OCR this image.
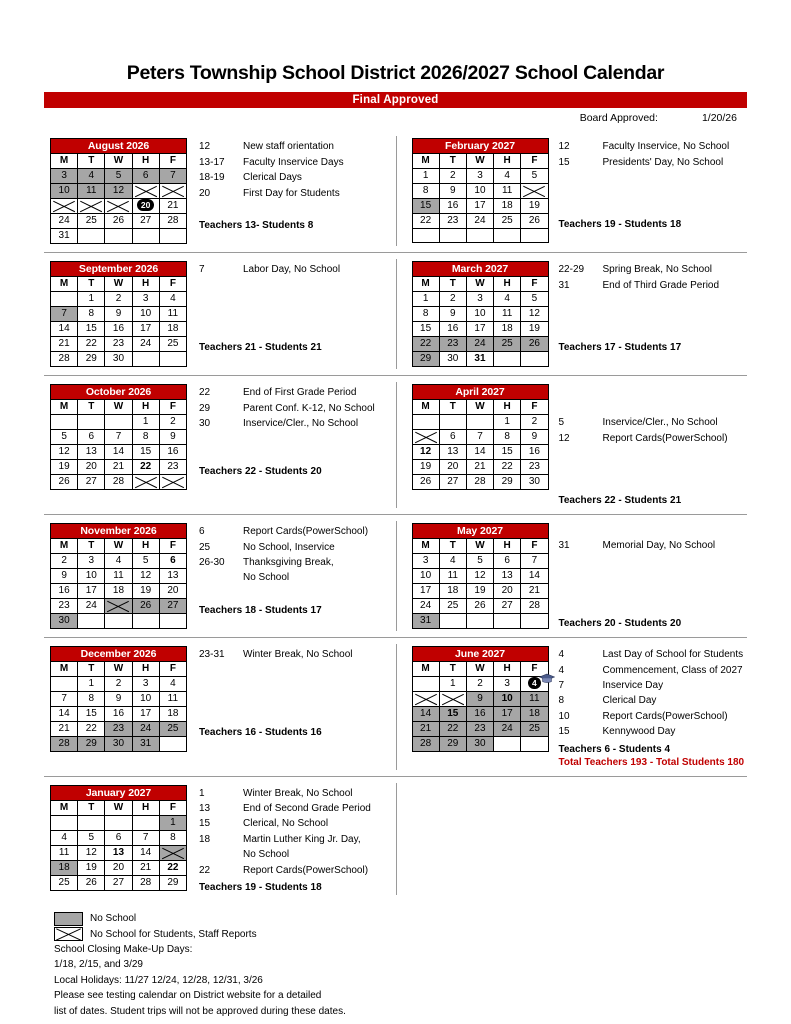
Peters Township School District 2026/2027 School Calendar
Final Approved
Board Approved:	1/20/26
August 2026				
M	T	W	H	F
3	4	5	6	7
10	11	12		
			20	21
24	25	26	27	28
31				
12	New staff orientation
13-17	Faculty Inservice Days
18-19	Clerical Days
20	First Day for Students
Teachers 13- Students 8
February 2027				
M	T	W	H	F
1	2	3	4	5
8	9	10	11	
15	16	17	18	19
22	23	24	25	26

12	Faculty Inservice, No School
15	Presidents' Day, No School
Teachers 19 - Students 18
September 2026				
M	T	W	H	F
	1	2	3	4
7	8	9	10	11
14	15	16	17	18
21	22	23	24	25
28	29	30		
7	Labor Day, No School
Teachers 21 - Students 21
March 2027				
M	T	W	H	F
1	2	3	4	5
8	9	10	11	12
15	16	17	18	19
22	23	24	25	26
29	30	31		
22-29	Spring Break, No School
31	End of Third Grade Period
Teachers 17 - Students 17
October 2026				
M	T	W	H	F
			1	2
5	6	7	8	9
12	13	14	15	16
19	20	21	22	23
26	27	28		
22	End of First Grade Period
29	Parent Conf. K-12, No School
30	Inservice/Cler., No School
Teachers 22 - Students 20
April 2027				
M	T	W	H	F
			1	2
	6	7	8	9
12	13	14	15	16
19	20	21	22	23
26	27	28	29	30
5	Inservice/Cler., No School
12	Report Cards(PowerSchool)
Teachers 22 - Students 21
November 2026				
M	T	W	H	F
2	3	4	5	6
9	10	11	12	13
16	17	18	19	20
23	24		26	27
30				
6	Report Cards(PowerSchool)
25	No School, Inservice
26-30	Thanksgiving Break,
No School
Teachers 18 - Students 17
May 2027				
M	T	W	H	F
3	4	5	6	7
10	11	12	13	14
17	18	19	20	21
24	25	26	27	28
31				
31	Memorial Day, No School
Teachers 20 - Students 20
December 2026				
M	T	W	H	F
	1	2	3	4
7	8	9	10	11
14	15	16	17	18
21	22	23	24	25
28	29	30	31	
23-31	Winter Break, No School
Teachers 16 - Students 16
June 2027				
M	T	W	H	F
	1	2	3	4

		9	10	11
14	15	16	17	18
21	22	23	24	25
28	29	30		
4	Last Day of School for Students
4	Commencement, Class of 2027
7	Inservice Day
8	Clerical Day
10	Report Cards(PowerSchool)
15	Kennywood Day
Teachers 6 - Students 4
Total Teachers 193 - Total Students 180
January 2027				
M	T	W	H	F
				1
4	5	6	7	8
11	12	13	14	
18	19	20	21	22
25	26	27	28	29
1	Winter Break, No School
13	End of Second Grade Period
15	Clerical, No School
18	Martin Luther King Jr. Day,
No School
22	Report Cards(PowerSchool)
Teachers 19 - Students 18
No School
No School for Students, Staff Reports
School Closing Make-Up Days:
1/18, 2/15, and 3/29
Local Holidays: 11/27 12/24, 12/28, 12/31, 3/26
Please see testing calendar on District website for a detailed
list of dates. Student trips will not be approved during these dates.
